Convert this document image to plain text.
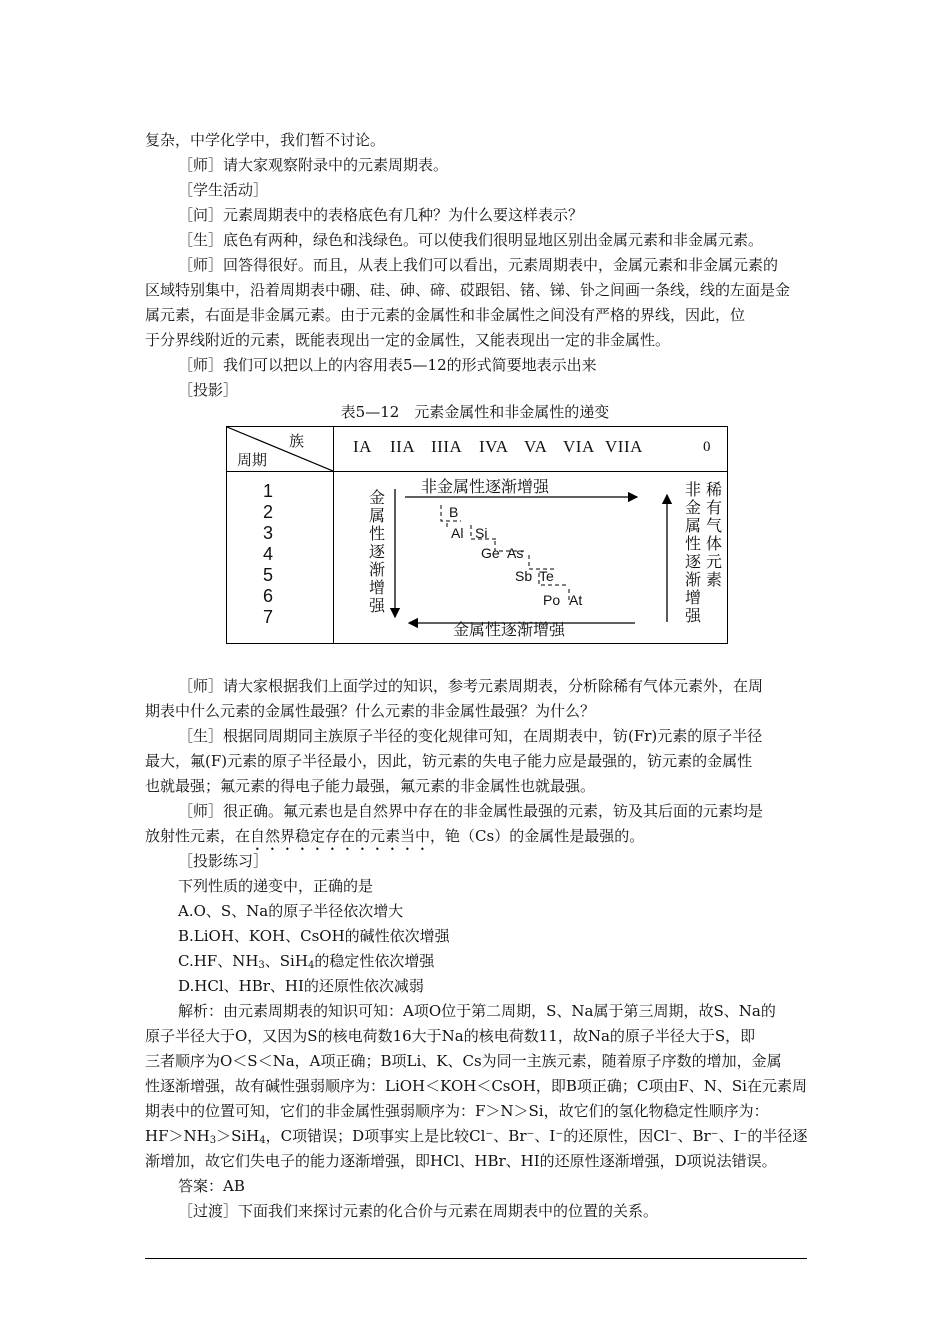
复杂，中学化学中，我们暂不讨论。
［师］请大家观察附录中的元素周期表。
［学生活动］
［问］元素周期表中的表格底色有几种？为什么要这样表示？
［生］底色有两种，绿色和浅绿色。可以使我们很明显地区别出金属元素和非金属元素。
［师］回答得很好。而且，从表上我们可以看出，元素周期表中，金属元素和非金属元素的
区域特别集中，沿着周期表中硼、硅、砷、碲、砹跟铝、锗、锑、钋之间画一条线，线的左面是金
属元素，右面是非金属元素。由于元素的金属性和非金属性之间没有严格的界线，因此，位
于分界线附近的元素，既能表现出一定的金属性，又能表现出一定的非金属性。
［师］我们可以把以上的内容用表5—12的形式简要地表示出来
［投影］
表5—12　元素金属性和非金属性的递变
族
周期
IA IIA IIIA IVA VA VIA VIIA	0
1
2
3
4
5
6
7
非金属性逐渐增强
金属性逐渐增强
金属性逐渐增强
非金属性逐渐增强
稀有气体元素
B
Al Si
Ge As
Sb Te
Po At
［师］请大家根据我们上面学过的知识，参考元素周期表，分析除稀有气体元素外，在周
期表中什么元素的金属性最强？什么元素的非金属性最强？为什么？
［生］根据同周期同主族原子半径的变化规律可知，在周期表中，钫(Fr)元素的原子半径
最大，氟(F)元素的原子半径最小，因此，钫元素的失电子能力应是最强的，钫元素的金属性
也就最强；氟元素的得电子能力最强，氟元素的非金属性也就最强。
［师］很正确。氟元素也是自然界中存在的非金属性最强的元素，钫及其后面的元素均是
放射性元素，在自然界稳定存在的元素当中，铯（Cs）的金属性是最强的。
［投影练习］
下列性质的递变中，正确的是
A.O、S、Na的原子半径依次增大
B.LiOH、KOH、CsOH的碱性依次增强
C.HF、$NH_3$、SiH$_4$的稳定性依次增强
D.HCl、HBr、HI的还原性依次减弱
解析：由元素周期表的知识可知：A项O位于第二周期，S、Na属于第三周期，故S、Na的
原子半径大于O，又因为S的核电荷数16大于Na的核电荷数11，故Na的原子半径大于S，即
三者顺序为O＜S＜Na，A项正确；B项Li、K、Cs为同一主族元素，随着原子序数的增加，金属
性逐渐增强，故有碱性强弱顺序为：LiOH＜KOH＜CsOH，即B项正确；C项由F、N、Si在元素周
期表中的位置可知，它们的非金属性强弱顺序为：F＞N＞Si，故它们的氢化物稳定性顺序为：
$HF>NH_3>SiH_4$，C项错误；D项事实上是比较Cl⁻、Br⁻、I⁻的还原性，因Cl⁻、Br⁻、I⁻的半径逐
渐增加，故它们失电子的能力逐渐增强，即HCl、HBr、HI的还原性逐渐增强，D项说法错误。
答案：AB
［过渡］下面我们来探讨元素的化合价与元素在周期表中的位置的关系。
